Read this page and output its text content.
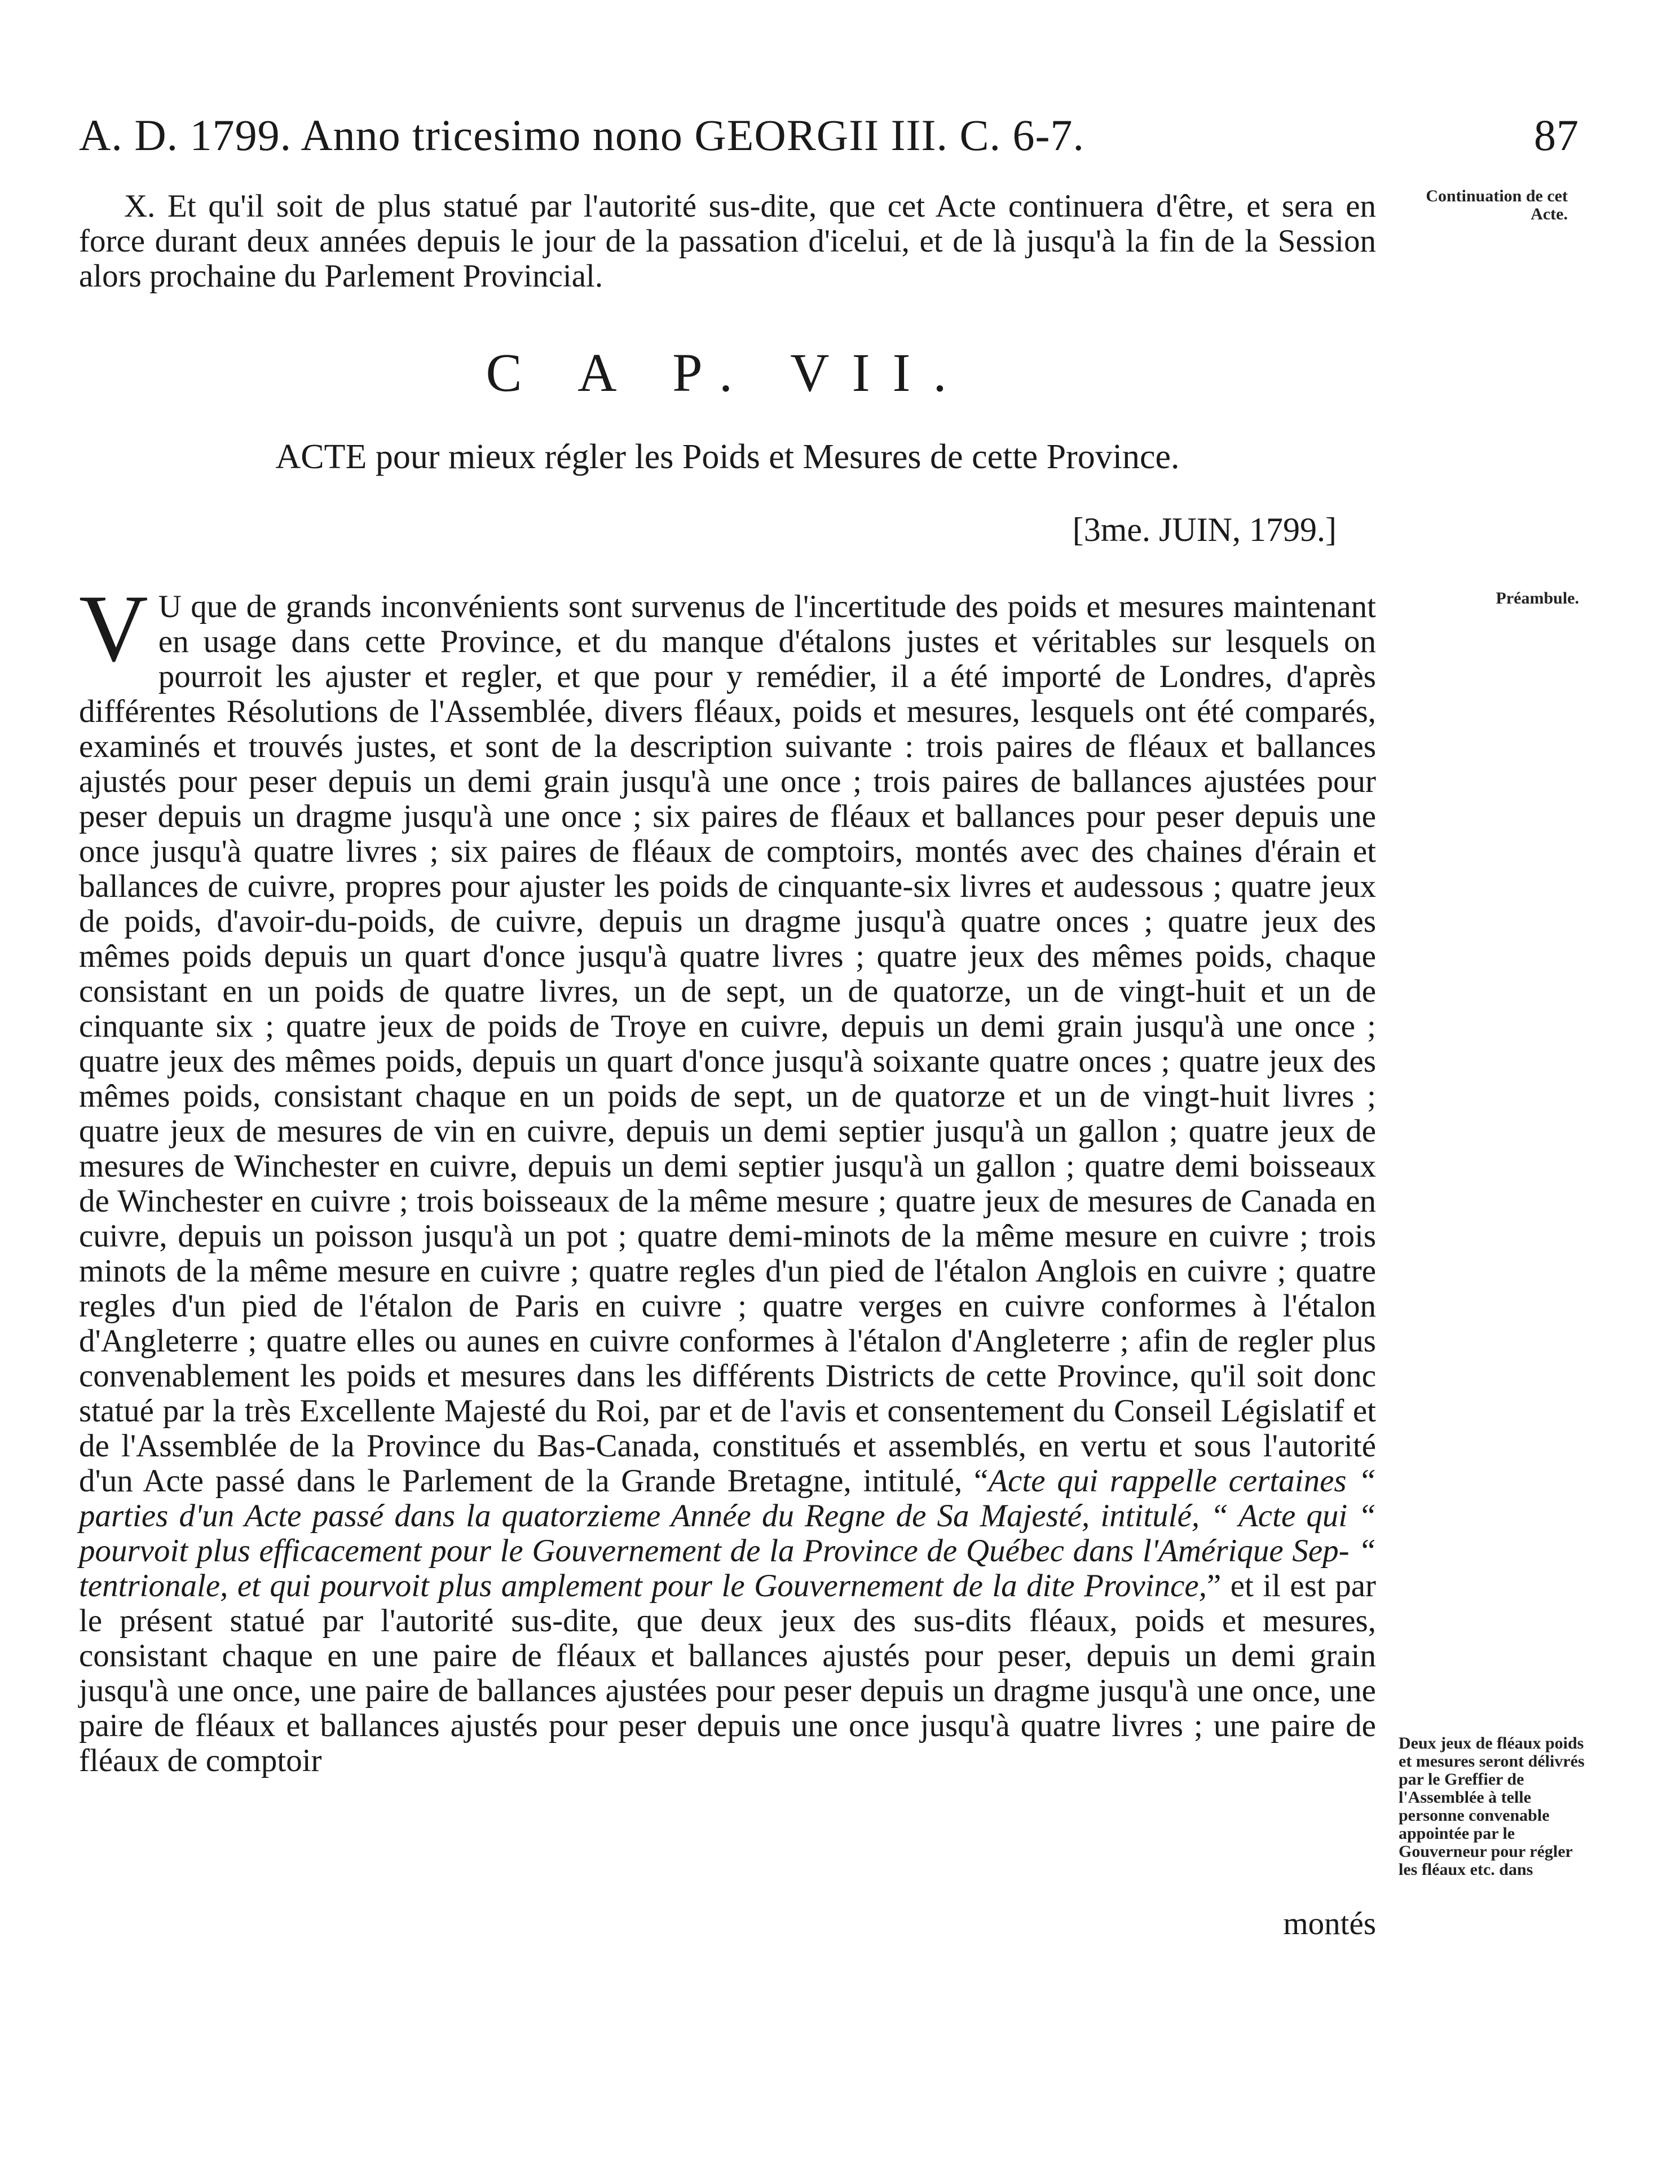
A. D. 1799. Anno tricesimo nono GEORGII III. C. 6-7.	87

X. Et qu'il soit de plus statué par l'autorité sus-dite, que cet Acte continuera d'être, et sera en force durant deux années depuis le jour de la passation d'icelui, et de là jusqu'à la fin de la Session alors prochaine du Parlement Provincial.

Continuation de cet Acte.
C A P. VII.
ACTE pour mieux régler les Poids et Mesures de cette Province.
[3me. JUIN, 1799.]
Préambule.

V U que de grands inconvénients sont survenus de l'incertitude des poids et mesures maintenant en usage dans cette Province, et du manque d'étalons justes et véritables sur lesquels on pourroit les ajuster et regler, et que pour y remédier, il a été importé de Londres, d'après différentes Résolutions de l'Assemblée, divers fléaux, poids et mesures, lesquels ont été comparés, examinés et trouvés justes, et sont de la description suivante : trois paires de fléaux et ballances ajustés pour peser depuis un demi grain jusqu'à une once ; trois paires de ballances ajustées pour peser depuis un dragme jusqu'à une once ; six paires de fléaux et ballances pour peser depuis une once jusqu'à quatre livres ; six paires de fléaux de comptoirs, montés avec des chaines d'érain et ballances de cuivre, propres pour ajuster les poids de cinquante-six livres et audessous ; quatre jeux de poids, d'avoir-du-poids, de cuivre, depuis un dragme jusqu'à quatre onces ; quatre jeux des mêmes poids depuis un quart d'once jusqu'à quatre livres ; quatre jeux des mêmes poids, chaque consistant en un poids de quatre livres, un de sept, un de quatorze, un de vingt-huit et un de cinquante six ; quatre jeux de poids de Troye en cuivre, depuis un demi grain jusqu'à une once ; quatre jeux des mêmes poids, depuis un quart d'once jusqu'à soixante quatre onces ; quatre jeux des mêmes poids, consistant chaque en un poids de sept, un de quatorze et un de vingt-huit livres ; quatre jeux de mesures de vin en cuivre, depuis un demi septier jusqu'à un gallon ; quatre jeux de mesures de Winchester en cuivre, depuis un demi septier jusqu'à un gallon ; quatre demi boisseaux de Winchester en cuivre ; trois boisseaux de la même mesure ; quatre jeux de mesures de Canada en cuivre, depuis un poisson jusqu'à un pot ; quatre demi-minots de la même mesure en cuivre ; trois minots de la même mesure en cuivre ; quatre regles d'un pied de l'étalon Anglois en cuivre ; quatre regles d'un pied de l'étalon de Paris en cuivre ; quatre verges en cuivre conformes à l'étalon d'Angleterre ; quatre elles ou aunes en cuivre conformes à l'étalon d'Angleterre ; afin de regler plus convenablement les poids et mesures dans les différents Districts de cette Province, qu'il soit donc statué par la très Excellente Majesté du Roi, par et de l'avis et consentement du Conseil Législatif et de l'Assemblée de la Province du Bas-Canada, constitués et assemblés, en vertu et sous l'autorité d'un Acte passé dans le Parlement de la Grande Bretagne, intitulé, “Acte qui rappelle certaines “ parties d'un Acte passé dans la quatorzieme Année du Regne de Sa Majesté, intitulé, “ Acte qui “ pourvoit plus efficacement pour le Gouvernement de la Province de Québec dans l'Amérique Sep- “ tentrionale, et qui pourvoit plus amplement pour le Gouvernement de la dite Province,” et il est par le présent statué par l'autorité sus-dite, que deux jeux des sus-dits fléaux, poids et mesures, consistant chaque en une paire de fléaux et ballances ajustés pour peser, depuis un demi grain jusqu'à une once, une paire de ballances ajustées pour peser depuis un dragme jusqu'à une once, une paire de fléaux et ballances ajustés pour peser depuis une once jusqu'à quatre livres ; une paire de fléaux de comptoir	Deux jeux de fléaux poids et mesures seront délivrés par le Greffier de l'Assemblée à telle personne convenable appointée par le Gouverneur pour régler les fléaux etc. dans
montés
